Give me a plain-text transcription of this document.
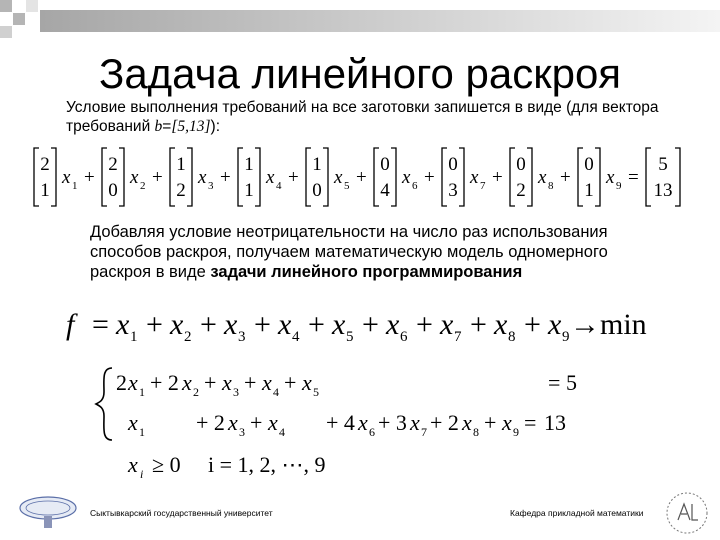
Задача линейного раскроя
Условие выполнения требований на все заготовки запишется в виде (для вектора требований b=[5,13]):
2
1
x 1 +
2
0
x 2 +
1
2
x 3 +
1
1
x 4 +
1
0
x 5 +
0
4
x 6 +
0
3
x 7 +
0
2
x 8 +
0
1
x 9 =
5
13
Добавляя условие неотрицательности на число раз использования способов раскроя, получаем математическую модель одномерного раскроя в виде задачи линейного программирования
f = x 1 + x 2 + x 3 + x 4 + x 5 + x 6 + x 7 + x 8 + x 9 → min
2 x 1 + 2 x 2 + x 3 + x 4 + x 5	= 5
x 1 + 2 x 3 + x 4 + 4 x 6 + 3 x 7 + 2 x 8 + x 9 = 13
x i ≥ 0 i = 1, 2, ⋯, 9
Сыктывкарский государственный университет	Кафедра прикладной математики
